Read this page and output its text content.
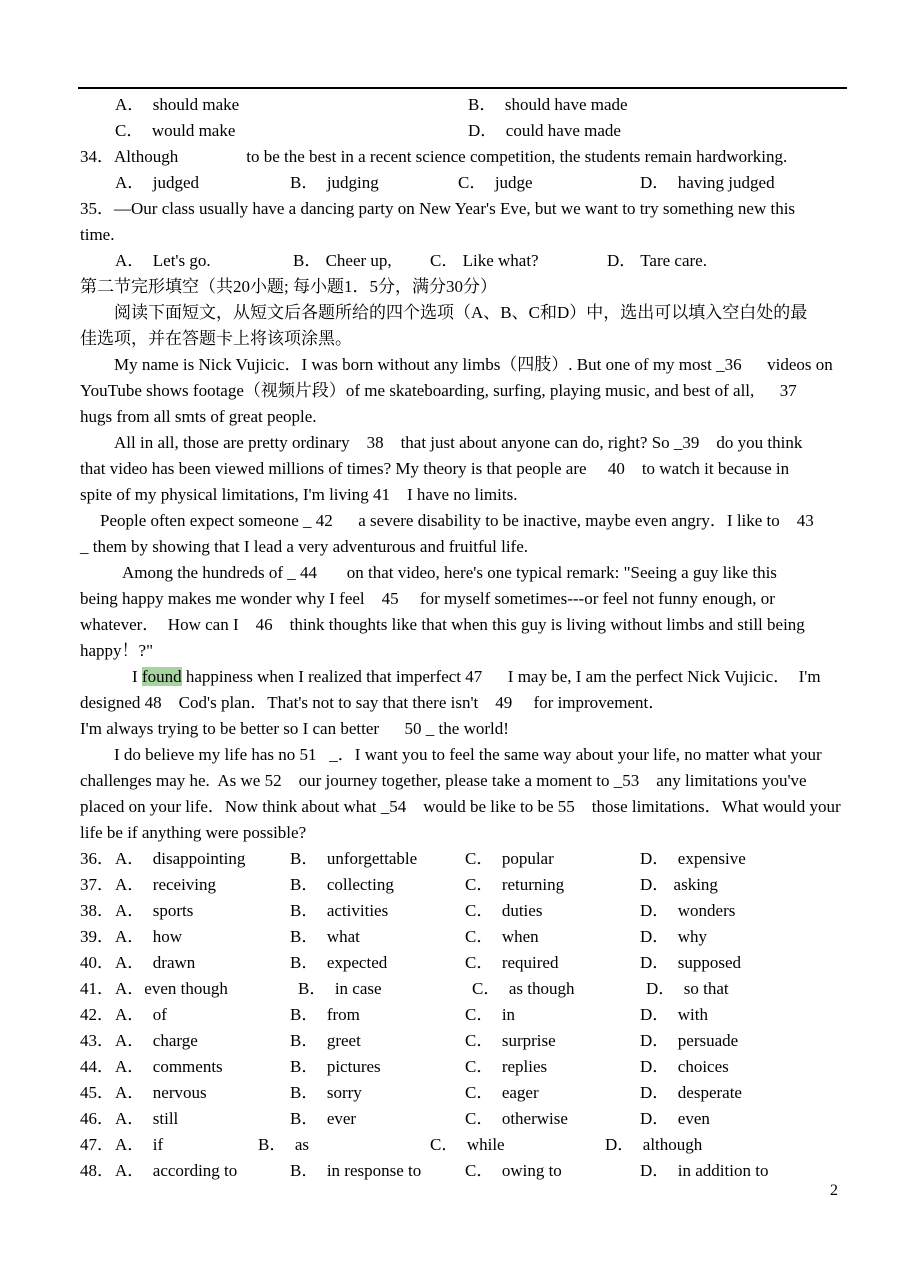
A．  should make	B．  should have made
C．  would make	D．  could have made
34．Although                to be the best in a recent science competition, the students remain hardworking.
A．  judged	B．  judging	C．  judge	D．  having judged
35．—Our class usually have a dancing party on New Year's Eve, but we want to try something new this
time.
A．  Let's go.	B． Cheer up, C． Like what?	D． Tare care.
第二节完形填空（共20小题; 每小题1．5分，满分30分）
阅读下面短文，从短文后各题所给的四个选项（A、B、C和D）中，选出可以填入空白处的最
佳选项，并在答题卡上将该项涂黑。
My name is Nick Vujicic．I was born without any limbs（四肢）. But one of my most _36      videos on
YouTube shows footage（视频片段）of me skateboarding, surfing, playing music, and best of all,      37
hugs from all smts of great people.
All in all, those are pretty ordinary    38    that just about anyone can do, right? So _39    do you think
that video has been viewed millions of times? My theory is that people are     40    to watch it because in
spite of my physical limitations, I'm living 41    I have no limits.
People often expect someone _ 42      a severe disability to be inactive, maybe even angry．I like to    43
_ them by showing that I lead a very adventurous and fruitful life.
Among the hundreds of _ 44       on that video, here's one typical remark: "Seeing a guy like this
being happy makes me wonder why I feel    45     for myself sometimes---or feel not funny enough, or
whatever．  How can I    46    think thoughts like that when this guy is living without limbs and still being
happy！?"
I found happiness when I realized that imperfect 47      I may be, I am the perfect Nick Vujicic．  I'm
designed 48    Cod's plan．That's not to say that there isn't    49     for improvement．
I'm always trying to be better so I can better      50 _ the world!
I do believe my life has no 51   _．I want you to feel the same way about your life, no matter what your
challenges may he.  As we 52    our journey together, please take a moment to _53    any limitations you've
placed on your life．Now think about what _54    would be like to be 55    those limitations．What would your
life be if anything were possible?
36． A．  disappointing	B．  unforgettable	C．  popular	D．  expensive
37． A．  receiving	B．  collecting	C．  returning	D． asking
38． A．  sports	B．  activities	C．  duties	D．  wonders
39． A．  how	B．  what	C．  when	D．  why
40． A．  drawn	B．  expected	C．  required	D．  supposed
41． A．even though	B．  in case	C．  as though	D．  so that
42． A．  of	B．  from	C．  in	D．  with
43． A．  charge	B．  greet	C．  surprise	D．  persuade
44． A．  comments	B．  pictures	C．  replies	D．  choices
45． A．  nervous	B．  sorry	C．  eager	D．  desperate
46． A．  still	B．  ever	C．  otherwise	D．  even
47． A．  if	B．  as	C．  while	D．  although
48． A．  according to	B．  in response to	C．  owing to	D．  in addition to
2
